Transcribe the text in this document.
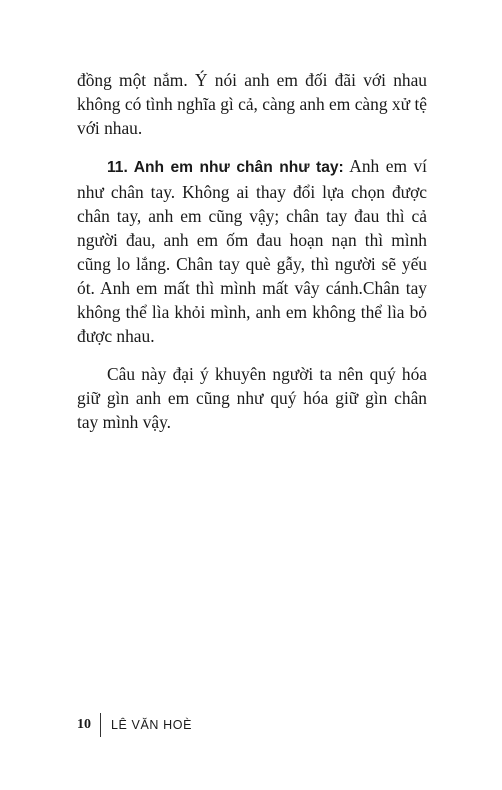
đồng một nắm. Ý nói anh em đối đãi với nhau không có tình nghĩa gì cả, càng anh em càng xử tệ với nhau.

11. Anh em như chân như tay: Anh em ví như chân tay. Không ai thay đổi lựa chọn được chân tay, anh em cũng vậy; chân tay đau thì cả người đau, anh em ốm đau hoạn nạn thì mình cũng lo lắng. Chân tay què gẫy, thì người sẽ yếu ót. Anh em mất thì mình mất vây cánh.Chân tay không thể lìa khỏi mình, anh em không thể lìa bỏ được nhau.

Câu này đại ý khuyên người ta nên quý hóa giữ gìn anh em cũng như quý hóa giữ gìn chân tay mình vậy.

10 LÊ VĂN HOÈ
